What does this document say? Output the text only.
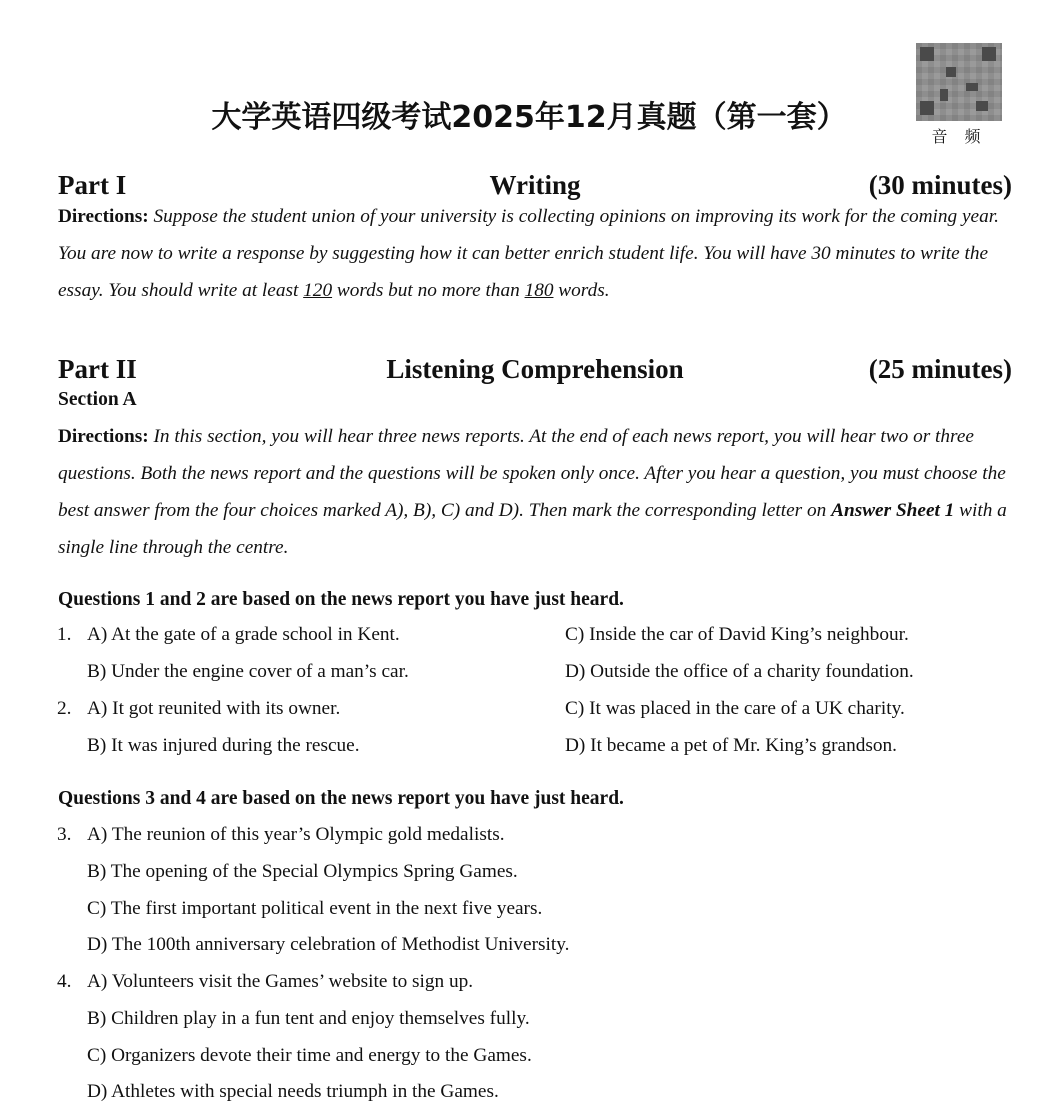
大学英语四级考试2025年12月真题（第一套）
音 频
Part I	Writing	(30 minutes)
Directions: Suppose the student union of your university is collecting opinions on improving its work for the coming year. You are now to write a response by suggesting how it can better enrich student life. You will have 30 minutes to write the essay. You should write at least 120 words but no more than 180 words.
Part II	Listening Comprehension	(25 minutes)
Section A
Directions: In this section, you will hear three news reports. At the end of each news report, you will hear two or three questions. Both the news report and the questions will be spoken only once. After you hear a question, you must choose the best answer from the four choices marked A), B), C) and D). Then mark the corresponding letter on Answer Sheet 1 with a single line through the centre.
Questions 1 and 2 are based on the news report you have just heard.
1. A) At the gate of a grade school in Kent.
B) Under the engine cover of a man’s car.
C) Inside the car of David King’s neighbour.
D) Outside the office of a charity foundation.
2. A) It got reunited with its owner.
B) It was injured during the rescue.
C) It was placed in the care of a UK charity.
D) It became a pet of Mr. King’s grandson.
Questions 3 and 4 are based on the news report you have just heard.
3. A) The reunion of this year’s Olympic gold medalists.
B) The opening of the Special Olympics Spring Games.
C) The first important political event in the next five years.
D) The 100th anniversary celebration of Methodist University.
4. A) Volunteers visit the Games’ website to sign up.
B) Children play in a fun tent and enjoy themselves fully.
C) Organizers devote their time and energy to the Games.
D) Athletes with special needs triumph in the Games.
